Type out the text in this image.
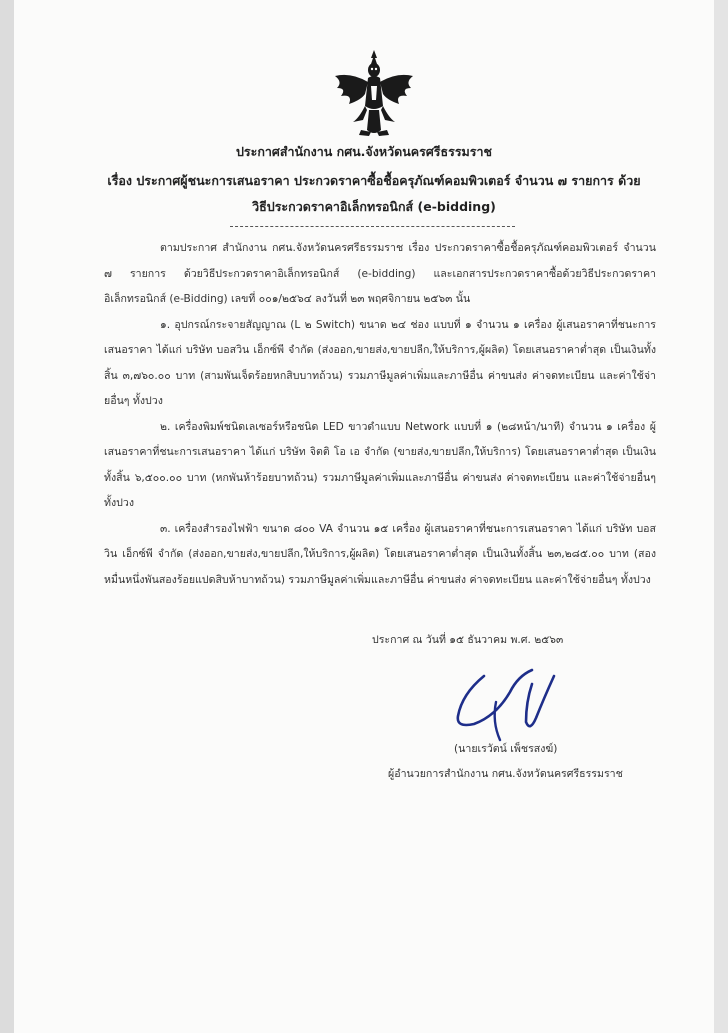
ประกาศสำนักงาน กศน.จังหวัดนครศรีธรรมราช
เรื่อง ประกาศผู้ชนะการเสนอราคา ประกวดราคาซื้อชื้อครุภัณฑ์คอมพิวเตอร์ จำนวน ๗ รายการ ด้วยวิธีประกวดราคาอิเล็กทรอนิกส์ (e-bidding)

ตามประกาศ สำนักงาน กศน.จังหวัดนครศรีธรรมราช เรื่อง ประกวดราคาซื้อชื้อครุภัณฑ์คอมพิวเตอร์ จำนวน ๗ รายการ ด้วยวิธีประกวดราคาอิเล็กทรอนิกส์ (e-bidding) และเอกสารประกวดราคาซื้อด้วยวิธีประกวดราคาอิเล็กทรอนิกส์ (e-Bidding) เลขที่ ๐๐๑/๒๕๖๔ ลงวันที่ ๒๓ พฤศจิกายน ๒๕๖๓ นั้น

๑. อุปกรณ์กระจายสัญญาณ (L ๒ Switch) ขนาด ๒๔ ช่อง แบบที่ ๑ จำนวน ๑ เครื่อง ผู้เสนอราคาที่ชนะการเสนอราคา ได้แก่ บริษัท บอสวิน เอ็กซ์พี จำกัด (ส่งออก,ขายส่ง,ขายปลีก,ให้บริการ,ผู้ผลิต) โดยเสนอราคาต่ำสุด เป็นเงินทั้งสิ้น ๓,๗๖๐.๐๐ บาท (สามพันเจ็ดร้อยหกสิบบาทถ้วน) รวมภาษีมูลค่าเพิ่มและภาษีอื่น ค่าขนส่ง ค่าจดทะเบียน และค่าใช้จ่ายอื่นๆ ทั้งปวง

๒. เครื่องพิมพ์ชนิดเลเซอร์หรือชนิด LED ขาวดำแบบ Network แบบที่ ๑ (๒๘หน้า/นาที) จำนวน ๑ เครื่อง ผู้เสนอราคาที่ชนะการเสนอราคา ได้แก่ บริษัท จิตติ โอ เอ จำกัด (ขายส่ง,ขายปลีก,ให้บริการ) โดยเสนอราคาต่ำสุด เป็นเงินทั้งสิ้น ๖,๕๐๐.๐๐ บาท (หกพันห้าร้อยบาทถ้วน) รวมภาษีมูลค่าเพิ่มและภาษีอื่น ค่าขนส่ง ค่าจดทะเบียน และค่าใช้จ่ายอื่นๆ ทั้งปวง

๓. เครื่องสำรองไฟฟ้า ขนาด ๘๐๐ VA จำนวน ๑๕ เครื่อง ผู้เสนอราคาที่ชนะการเสนอราคา ได้แก่ บริษัท บอสวิน เอ็กซ์พี จำกัด (ส่งออก,ขายส่ง,ขายปลีก,ให้บริการ,ผู้ผลิต) โดยเสนอราคาต่ำสุด เป็นเงินทั้งสิ้น ๒๓,๒๘๕.๐๐ บาท (สองหมื่นหนึ่งพันสองร้อยแปดสิบห้าบาทถ้วน) รวมภาษีมูลค่าเพิ่มและภาษีอื่น ค่าขนส่ง ค่าจดทะเบียน และค่าใช้จ่ายอื่นๆ ทั้งปวง

ประกาศ ณ วันที่ ๑๕ ธันวาคม พ.ศ. ๒๕๖๓
(นายเรวัตน์ เพ็ชรสงฆ์)
ผู้อำนวยการสำนักงาน กศน.จังหวัดนครศรีธรรมราช
